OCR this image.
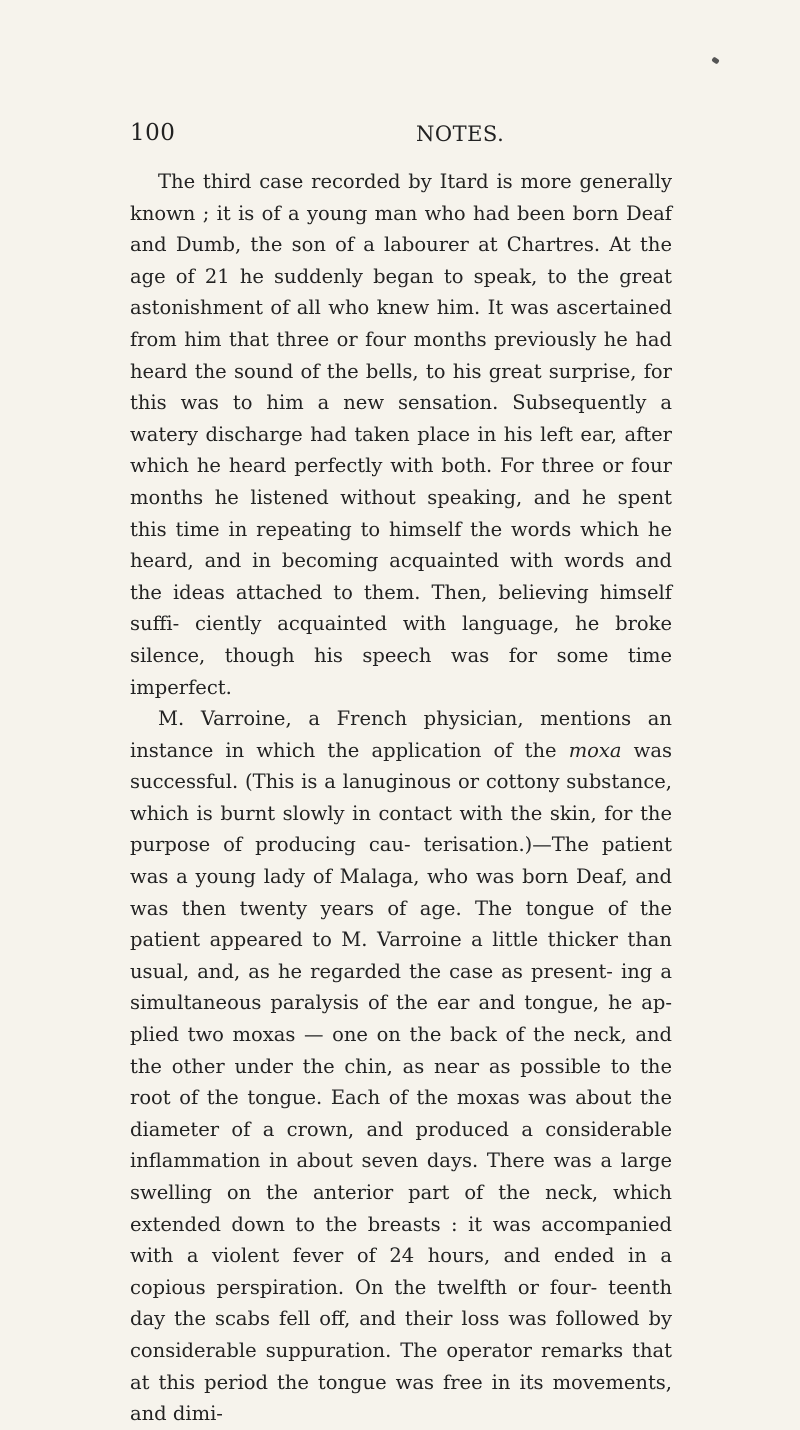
100	NOTES.

The third case recorded by Itard is more generally known ; it is of a young man who had been born Deaf and Dumb, the son of a labourer at Chartres. At the age of 21 he suddenly began to speak, to the great astonishment of all who knew him. It was ascertained from him that three or four months previously he had heard the sound of the bells, to his great surprise, for this was to him a new sensation. Subsequently a watery discharge had taken place in his left ear, after which he heard perfectly with both. For three or four months he listened without speaking, and he spent this time in repeating to himself the words which he heard, and in becoming acquainted with words and the ideas attached to them. Then, believing himself suffi- ciently acquainted with language, he broke silence, though his speech was for some time imperfect.

M. Varroine, a French physician, mentions an instance in which the application of the moxa was successful. (This is a lanuginous or cottony substance, which is burnt slowly in contact with the skin, for the purpose of producing cau- terisation.)—The patient was a young lady of Malaga, who was born Deaf, and was then twenty years of age. The tongue of the patient appeared to M. Varroine a little thicker than usual, and, as he regarded the case as present- ing a simultaneous paralysis of the ear and tongue, he ap- plied two moxas — one on the back of the neck, and the other under the chin, as near as possible to the root of the tongue. Each of the moxas was about the diameter of a crown, and produced a considerable inflammation in about seven days. There was a large swelling on the anterior part of the neck, which extended down to the breasts : it was accompanied with a violent fever of 24 hours, and ended in a copious perspiration. On the twelfth or four- teenth day the scabs fell off, and their loss was followed by considerable suppuration. The operator remarks that at this period the tongue was free in its movements, and dimi-
